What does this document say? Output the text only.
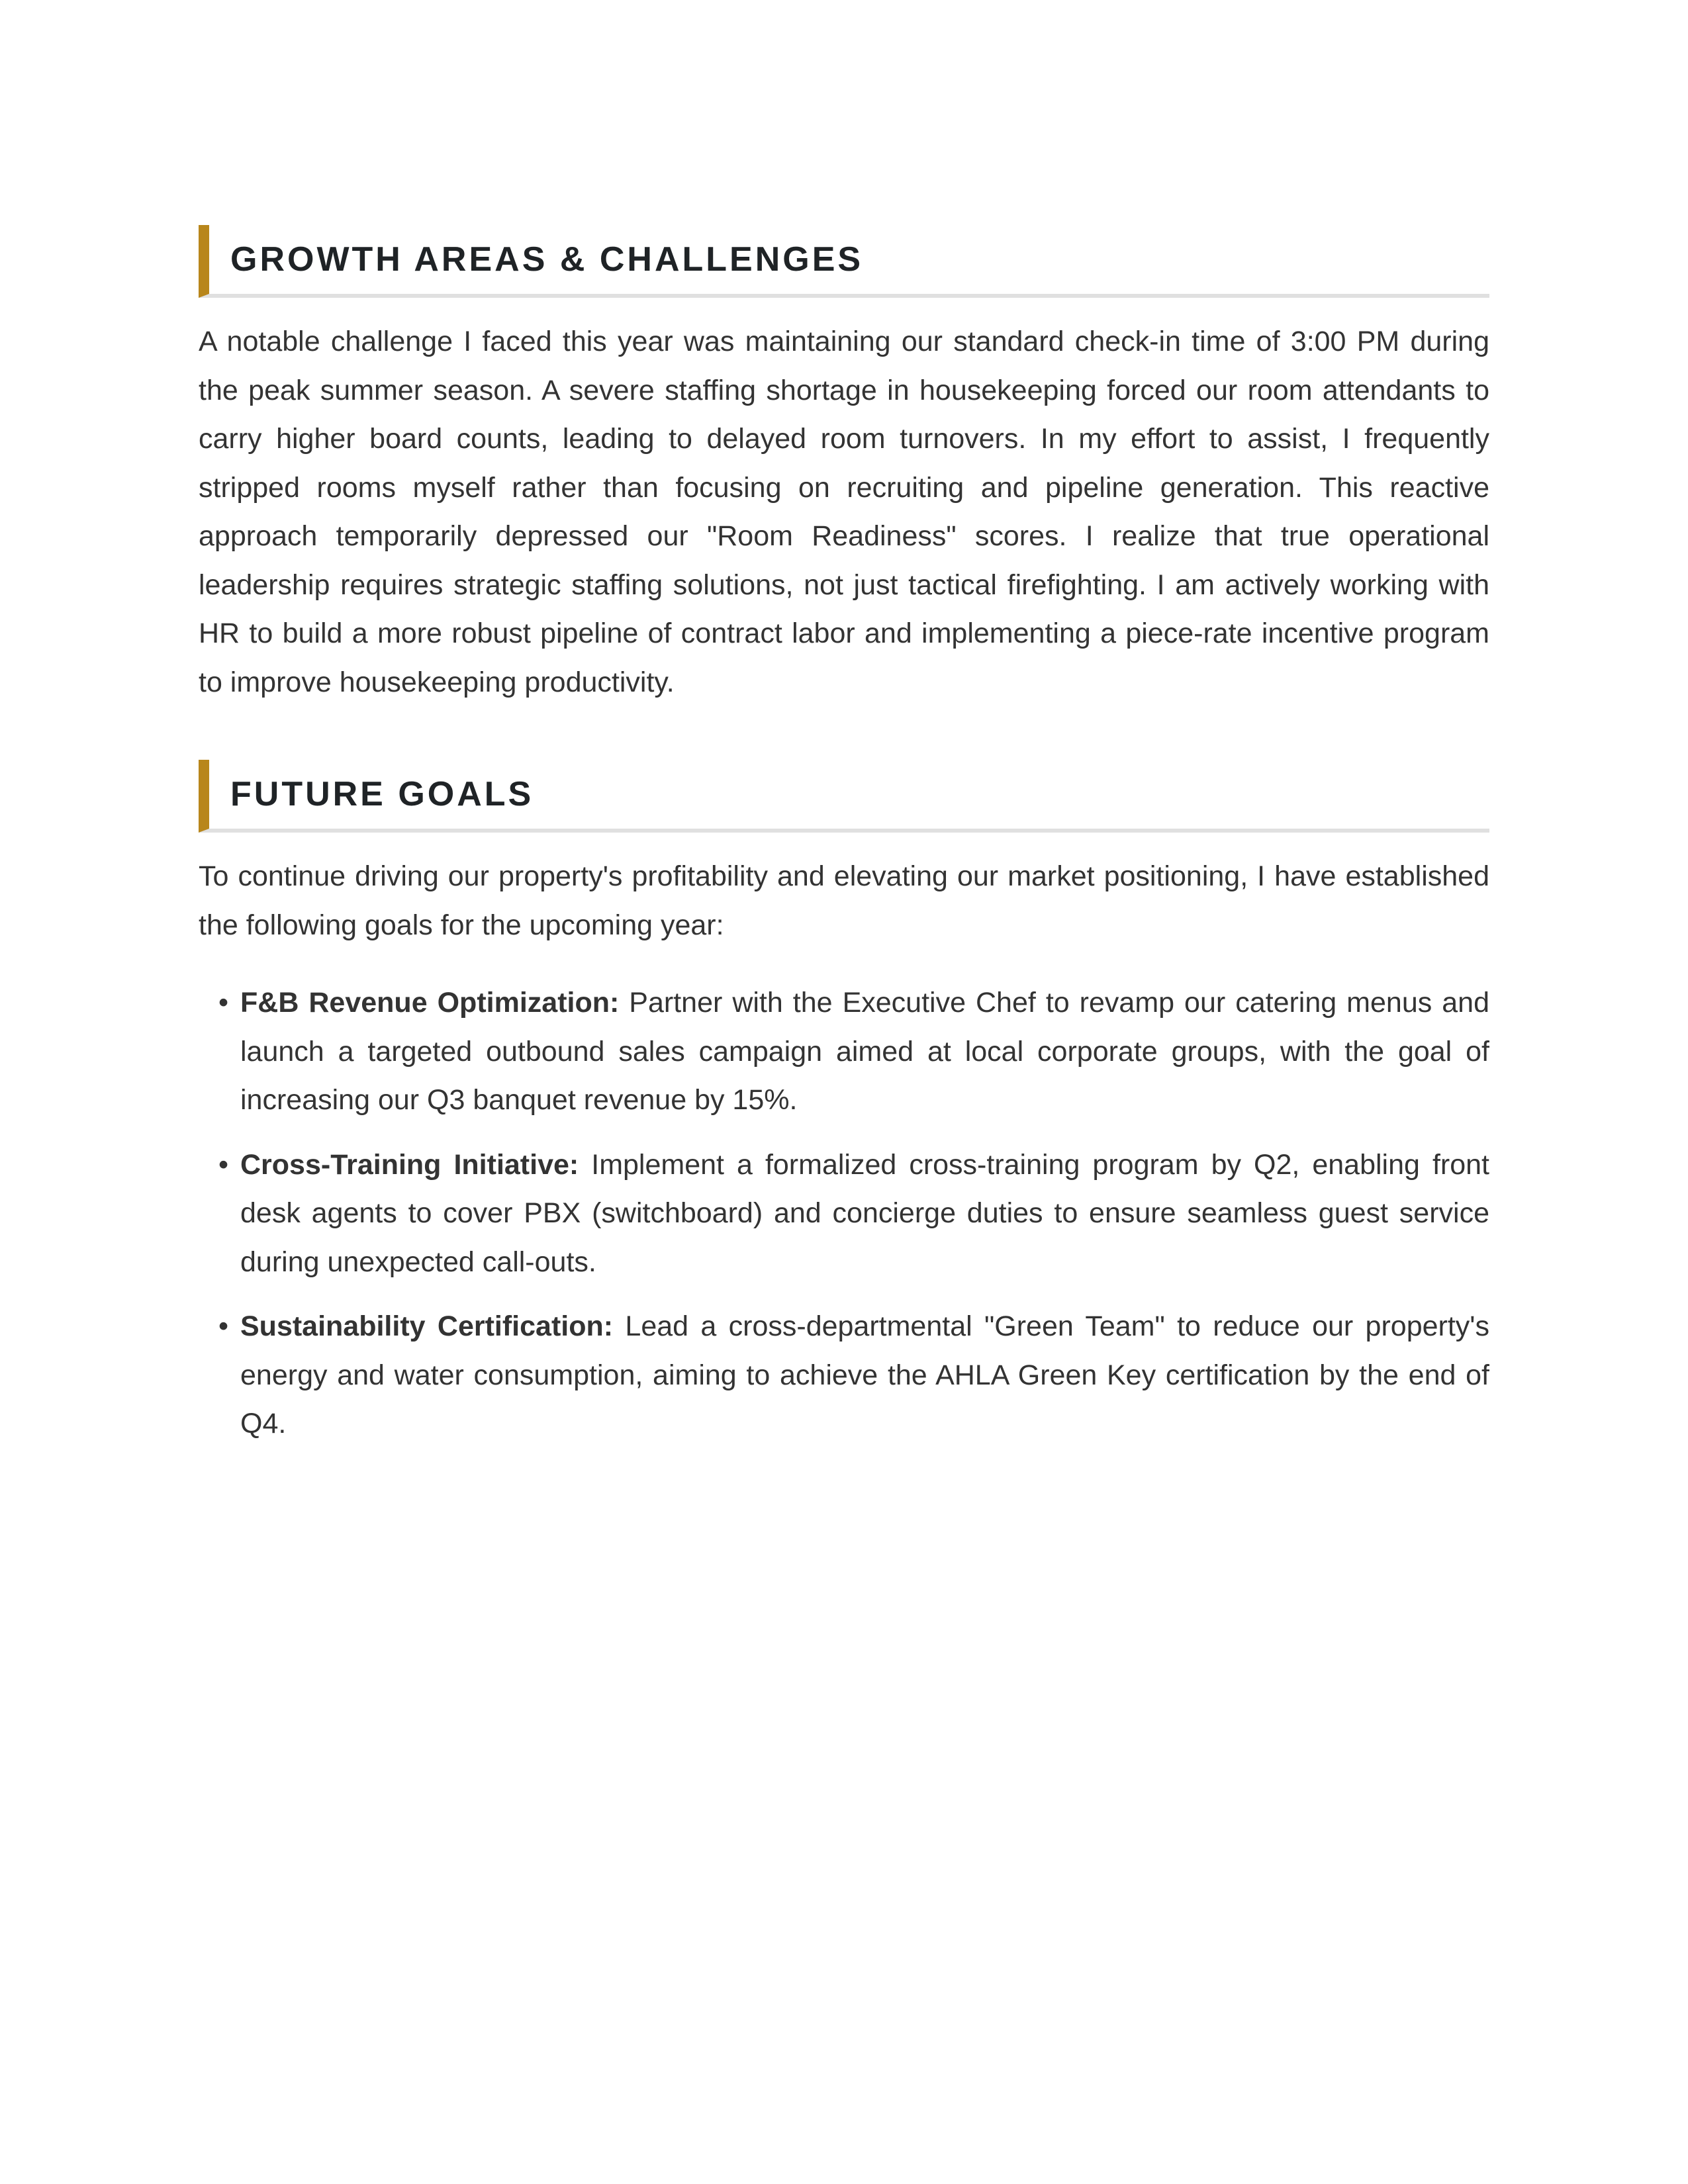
GROWTH AREAS & CHALLENGES

A notable challenge I faced this year was maintaining our standard check-in time of 3:00 PM during the peak summer season. A severe staffing shortage in housekeeping forced our room attendants to carry higher board counts, leading to delayed room turnovers. In my effort to assist, I frequently stripped rooms myself rather than focusing on recruiting and pipeline generation. This reactive approach temporarily depressed our "Room Readiness" scores. I realize that true operational leadership requires strategic staffing solutions, not just tactical firefighting. I am actively working with HR to build a more robust pipeline of contract labor and implementing a piece-rate incentive program to improve housekeeping productivity.

FUTURE GOALS

To continue driving our property's profitability and elevating our market positioning, I have established the following goals for the upcoming year:

• F&B Revenue Optimization: Partner with the Executive Chef to revamp our catering menus and launch a targeted outbound sales campaign aimed at local corporate groups, with the goal of increasing our Q3 banquet revenue by 15%.
• Cross-Training Initiative: Implement a formalized cross-training program by Q2, enabling front desk agents to cover PBX (switchboard) and concierge duties to ensure seamless guest service during unexpected call-outs.
• Sustainability Certification: Lead a cross-departmental "Green Team" to reduce our property's energy and water consumption, aiming to achieve the AHLA Green Key certification by the end of Q4.
